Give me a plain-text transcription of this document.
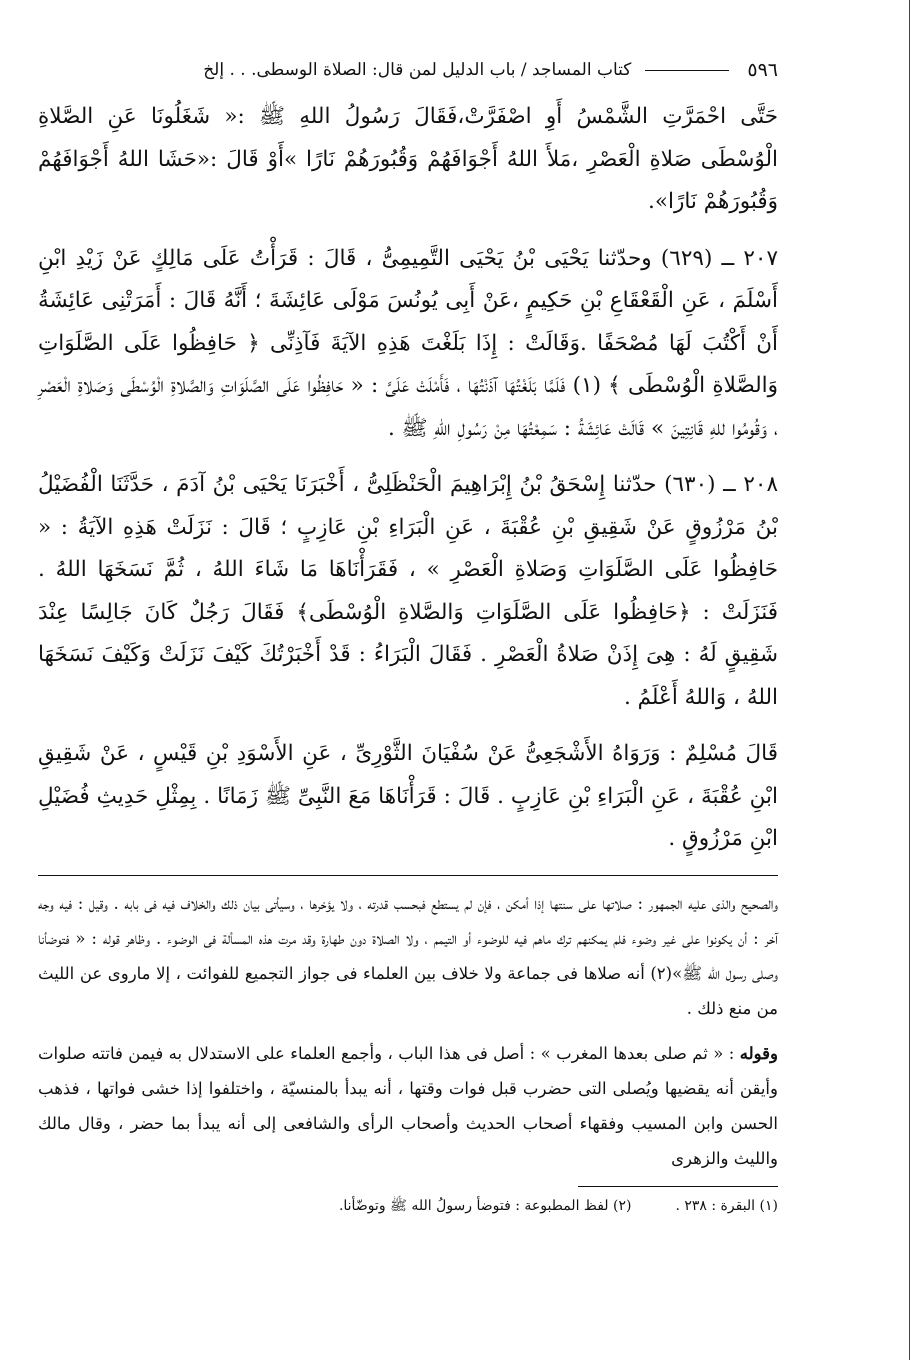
٥٩٦
كتاب المساجد / باب الدليل لمن قال: الصلاة الوسطى. . . إلخ

حَتَّى احْمَرَّتِ الشَّمْسُ أَوِ اصْفَرَّتْ،فَقَالَ رَسُولُ اللهِ ﷺ :« شَغَلُونَا عَنِ الصَّلاةِ الْوُسْطَى صَلاةِ الْعَصْرِ ،مَلأَ اللهُ أَجْوَافَهُمْ وَقُبُورَهُمْ نَارًا »أَوْ قَالَ :«حَشَا اللهُ أَجْوَافَهُمْ وَقُبُورَهُمْ نَارًا».

٢٠٧ ــ (٦٢٩) وحدّثنا يَحْيَى بْنُ يَحْيَى التَّمِيمِىُّ ، قَالَ : قَرَأْتُ عَلَى مَالِكٍ عَنْ زَيْدِ ابْنِ أَسْلَمَ ، عَنِ الْقَعْقَاعِ بْنِ حَكِيمٍ ،عَنْ أَبِى يُونُسَ مَوْلَى عَائِشَةَ ؛ أَنَّهُ قَالَ : أَمَرَتْنِى عَائِشَةُ أَنْ أَكْتُبَ لَهَا مُصْحَفًا .وَقَالَتْ : إِذَا بَلَغْتَ هَذِهِ الآيَةَ فَآذِنِّى ﴿ حَافِظُوا عَلَى الصَّلَوَاتِ وَالصَّلاةِ الْوُسْطَى ﴾ (١) فَلَمَّا بَلَغْتُهَا آذَنْتُهَا ، فَأَمْلَتْ عَلَىَّ : « حَافِظُوا عَلَى الصَّلَوَاتِ وَالصَّلاةِ الْوُسْطَى وَصَلاةِ الْعَصْرِ ، وَقُومُوا للهِ قَانِتِينَ » قَالَتْ عَائِشَةُ : سَمِعْتُهَا مِنْ رَسُولِ اللهِ ﷺ .

٢٠٨ ــ (٦٣٠) حدّثنا إِسْحَقُ بْنُ إِبْرَاهِيمَ الْحَنْظَلِىُّ ، أَخْبَرَنَا يَحْيَى بْنُ آدَمَ ، حَدَّثَنَا الْفُضَيْلُ بْنُ مَرْزُوقٍ عَنْ شَقِيقِ بْنِ عُقْبَةَ ، عَنِ الْبَرَاءِ بْنِ عَازِبٍ ؛ قَالَ : نَزَلَتْ هَذِهِ الآيَةُ : « حَافِظُوا عَلَى الصَّلَوَاتِ وَصَلاةِ الْعَصْرِ » ، فَقَرَأْنَاهَا مَا شَاءَ اللهُ ، ثُمَّ نَسَخَهَا اللهُ . فَنَزَلَتْ : ﴿حَافِظُوا عَلَى الصَّلَوَاتِ وَالصَّلاةِ الْوُسْطَى﴾ فَقَالَ رَجُلٌ كَانَ جَالِسًا عِنْدَ شَقِيقٍ لَهُ : هِىَ إِذَنْ صَلاةُ الْعَصْرِ . فَقَالَ الْبَرَاءُ : قَدْ أَخْبَرْتُكَ كَيْفَ نَزَلَتْ وَكَيْفَ نَسَخَهَا اللهُ ، وَاللهُ أَعْلَمُ .

قَالَ مُسْلِمٌ : وَرَوَاهُ الأَشْجَعِىُّ عَنْ سُفْيَانَ الثَّوْرِىِّ ، عَنِ الأَسْوَدِ بْنِ قَيْسٍ ، عَنْ شَقِيقِ ابْنِ عُقْبَةَ ، عَنِ الْبَرَاءِ بْنِ عَازِبٍ . قَالَ : قَرَأْنَاهَا مَعَ النَّبِىِّ ﷺ زَمَانًا . بِمِثْلِ حَدِيثِ فُضَيْلِ ابْنِ مَرْزُوقٍ .

والصحيح والذى عليه الجمهور : صلاتها على سنتها إذا أمكن ، فإن لم يستطع فبحسب قدرته ، ولا يؤخرها ، وسيأتى بيان ذلك والخلاف فيه فى بابه . وقيل : فيه وجه آخر : أن يكونوا على غير وضوء فلم يمكنهم ترك ماهم فيه للوضوء أو التيمم ، ولا الصلاة دون طهارة وقد مرت هذه المسألة فى الوضوء . وظاهر قوله : « فتوضأنا وصلى رسول الله ﷺ»(٢) أنه صلاها فى جماعة ولا خلاف بين العلماء فى جواز التجميع للفوائت ، إلا ماروى عن الليث من منع ذلك .

وقوله : « ثم صلى بعدها المغرب » : أصل فى هذا الباب ، وأجمع العلماء على الاستدلال به فيمن فاتته صلوات وأيقن أنه يقضيها ويُصلى التى حضرب قبل فوات وقتها ، أنه يبدأ بالمنسيّة ، واختلفوا إذا خشى فواتها ، فذهب الحسن وابن المسيب وفقهاء أصحاب الحديث وأصحاب الرأى والشافعى إلى أنه يبدأ بما حضر ، وقال مالك والليث والزهرى

(١) البقرة : ٢٣٨ .
(٢) لفظ المطبوعة : فتوضأ رسولُ الله ﷺ وتوضّأنا.
